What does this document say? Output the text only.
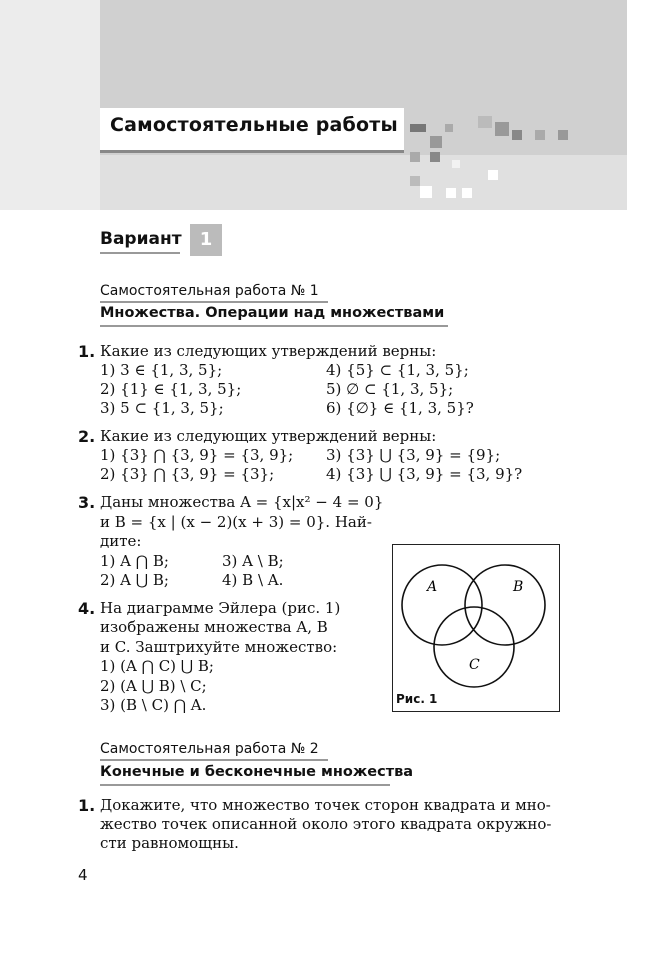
Самостоятельные работы
Вариант	1
Самостоятельная работа № 1
Множества. Операции над множествами
1. Какие из следующих утверждений верны:
1) 3 ∈ {1, 3, 5};
2) {1} ∈ {1, 3, 5};
3) 5 ⊂ {1, 3, 5};
4) {5} ⊂ {1, 3, 5};
5) ∅ ⊂ {1, 3, 5};
6) {∅} ∈ {1, 3, 5}?
2. Какие из следующих утверждений верны:
1) {3} ⋂ {3, 9} = {3, 9};
2) {3} ⋂ {3, 9} = {3};
3) {3} ⋃ {3, 9} = {9};
4) {3} ⋃ {3, 9} = {3, 9}?
3. Даны множества A = {x|x² − 4 = 0}
и B = {x | (x − 2)(x + 3) = 0}. Най-
дите:
1) A ⋂ B;
2) A ⋃ B;
3) A \ B;
4) B \ A.
4. На диаграмме Эйлера (рис. 1)
изображены множества A, B
и C. Заштрихуйте множество:
1) (A ⋂ C) ⋃ B;
2) (A ⋃ B) \ C;
3) (B \ C) ⋂ A.
A	B
C
Рис. 1
Самостоятельная работа № 2
Конечные и бесконечные множества
1. Докажите, что множество точек сторон квадрата и мно-
жество точек описанной около этого квадрата окружно-
сти равномощны.
4
